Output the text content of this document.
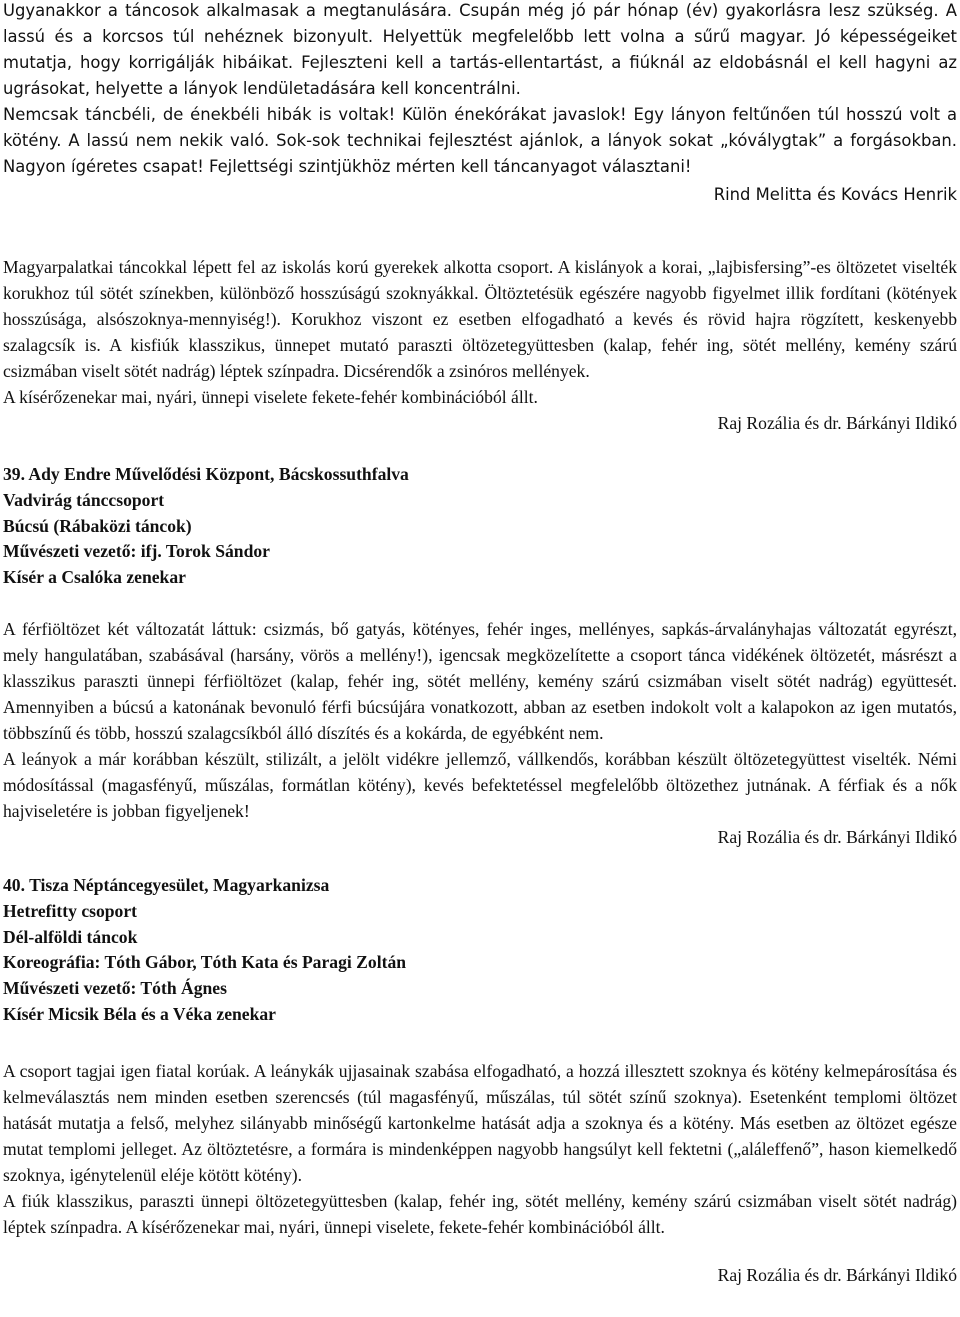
Ugyanakkor a táncosok alkalmasak a megtanulására. Csupán még jó pár hónap (év) gyakorlásra lesz szükség. A lassú és a korcsos túl nehéznek bizonyult. Helyettük megfelelőbb lett volna a sűrű magyar. Jó képességeiket mutatja, hogy korrigálják hibáikat. Fejleszteni kell a tartás-ellentartást, a fiúknál az eldobásnál el kell hagyni az ugrásokat, helyette a lányok lendületadására kell koncentrálni.

Nemcsak táncbéli, de énekbéli hibák is voltak! Külön énekórákat javaslok! Egy lányon feltűnően túl hosszú volt a kötény. A lassú nem nekik való. Sok-sok technikai fejlesztést ajánlok, a lányok sokat „kóválygtak” a forgásokban. Nagyon ígéretes csapat! Fejlettségi szintjükhöz mérten kell táncanyagot választani!

Rind Melitta és Kovács Henrik

Magyarpalatkai táncokkal lépett fel az iskolás korú gyerekek alkotta csoport. A kislányok a korai, „lajbisfersing”-es öltözetet viselték korukhoz túl sötét színekben, különböző hosszúságú szoknyákkal. Öltöztetésük egészére nagyobb figyelmet illik fordítani (kötények hosszúsága, alsószoknya-mennyiség!). Korukhoz viszont ez esetben elfogadható a kevés és rövid hajra rögzített, keskenyebb szalagcsík is. A kisfiúk klasszikus, ünnepet mutató paraszti öltözetegyüttesben (kalap, fehér ing, sötét mellény, kemény szárú csizmában viselt sötét nadrág) léptek színpadra. Dicsérendők a zsinóros mellények.

A kísérőzenekar mai, nyári, ünnepi viselete fekete-fehér kombinációból állt.

Raj Rozália és dr. Bárkányi Ildikó

39. Ady Endre Művelődési Központ, Bácskossuthfalva

Vadvirág tánccsoport

Búcsú (Rábaközi táncok)

Művészeti vezető: ifj. Torok Sándor

Kísér a Csalóka zenekar

A férfiöltözet két változatát láttuk: csizmás, bő gatyás, kötényes, fehér inges, mellényes, sapkás-árvalányhajas változatát egyrészt, mely hangulatában, szabásával (harsány, vörös a mellény!), igencsak megközelítette a csoport tánca vidékének öltözetét, másrészt a klasszikus paraszti ünnepi férfiöltözet (kalap, fehér ing, sötét mellény, kemény szárú csizmában viselt sötét nadrág) együttesét. Amennyiben a búcsú a katonának bevonuló férfi búcsújára vonatkozott, abban az esetben indokolt volt a kalapokon az igen mutatós, többszínű és több, hosszú szalagcsíkból álló díszítés és a kokárda, de egyébként nem.

A leányok a már korábban készült, stilizált, a jelölt vidékre jellemző, vállkendős, korábban készült öltözetegyüttest viselték. Némi módosítással (magasfényű, műszálas, formátlan kötény), kevés befektetéssel megfelelőbb öltözethez jutnának. A férfiak és a nők hajviseletére is jobban figyeljenek!

Raj Rozália és dr. Bárkányi Ildikó

40. Tisza Néptáncegyesület, Magyarkanizsa

Hetrefitty csoport

Dél-alföldi táncok

Koreográfia: Tóth Gábor, Tóth Kata és Paragi Zoltán

Művészeti vezető: Tóth Ágnes

Kísér Micsik Béla és a Véka zenekar

A csoport tagjai igen fiatal korúak. A leánykák ujjasainak szabása elfogadható, a hozzá illesztett szoknya és kötény kelmepárosítása és kelmeválasztás nem minden esetben szerencsés (túl magasfényű, műszálas, túl sötét színű szoknya). Esetenként templomi öltözet hatását mutatja a felső, melyhez silányabb minőségű kartonkelme hatását adja a szoknya és a kötény. Más esetben az öltözet egésze mutat templomi jelleget. Az öltöztetésre, a formára is mindenképpen nagyobb hangsúlyt kell fektetni („aláleffenő”, hason kiemelkedő szoknya, igénytelenül eléje kötött kötény).

A fiúk klasszikus, paraszti ünnepi öltözetegyüttesben (kalap, fehér ing, sötét mellény, kemény szárú csizmában viselt sötét nadrág) léptek színpadra. A kísérőzenekar mai, nyári, ünnepi viselete, fekete-fehér kombinációból állt.

Raj Rozália és dr. Bárkányi Ildikó
